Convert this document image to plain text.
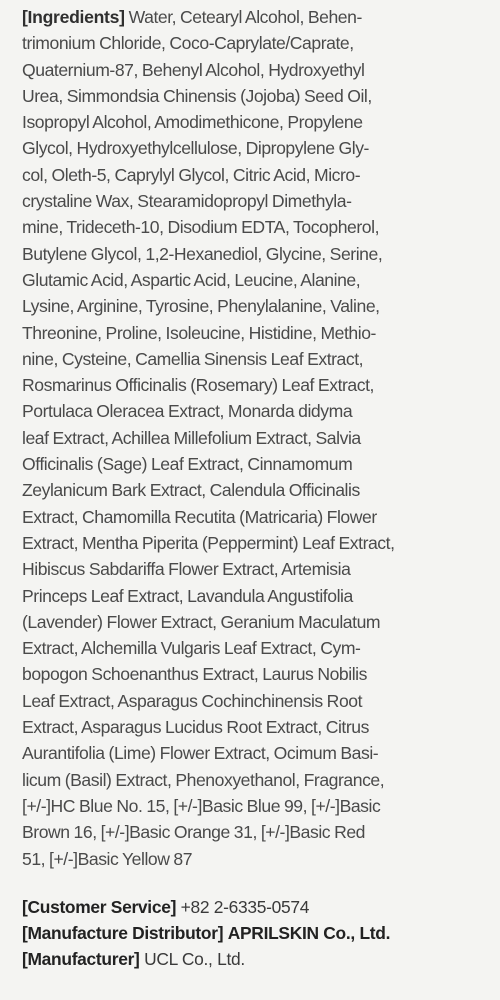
[Ingredients] Water, Cetearyl Alcohol, Behen-
trimonium Chloride, Coco-Caprylate/Caprate,
Quaternium-87, Behenyl Alcohol, Hydroxyethyl
Urea, Simmondsia Chinensis (Jojoba) Seed Oil,
Isopropyl Alcohol, Amodimethicone, Propylene
Glycol, Hydroxyethylcellulose, Dipropylene Gly-
col, Oleth-5, Caprylyl Glycol, Citric Acid, Micro-
crystaline Wax, Stearamidopropyl Dimethyla-
mine, Trideceth-10, Disodium EDTA, Tocopherol,
Butylene Glycol, 1,2-Hexanediol, Glycine, Serine,
Glutamic Acid, Aspartic Acid, Leucine, Alanine,
Lysine, Arginine, Tyrosine, Phenylalanine, Valine,
Threonine, Proline, Isoleucine, Histidine, Methio-
nine, Cysteine, Camellia Sinensis Leaf Extract,
Rosmarinus Officinalis (Rosemary) Leaf Extract,
Portulaca Oleracea Extract, Monarda didyma
leaf Extract, Achillea Millefolium Extract, Salvia
Officinalis (Sage) Leaf Extract, Cinnamomum
Zeylanicum Bark Extract, Calendula Officinalis
Extract, Chamomilla Recutita (Matricaria) Flower
Extract, Mentha Piperita (Peppermint) Leaf Extract,
Hibiscus Sabdariffa Flower Extract, Artemisia
Princeps Leaf Extract, Lavandula Angustifolia
(Lavender) Flower Extract, Geranium Maculatum
Extract, Alchemilla Vulgaris Leaf Extract, Cym-
bopogon Schoenanthus Extract, Laurus Nobilis
Leaf Extract, Asparagus Cochinchinensis Root
Extract, Asparagus Lucidus Root Extract, Citrus
Aurantifolia (Lime) Flower Extract, Ocimum Basi-
licum (Basil) Extract, Phenoxyethanol, Fragrance,
[+/-]HC Blue No. 15, [+/-]Basic Blue 99, [+/-]Basic
Brown 16, [+/-]Basic Orange 31, [+/-]Basic Red
51, [+/-]Basic Yellow 87
[Customer Service] +82 2-6335-0574
[Manufacture Distributor] APRILSKIN Co., Ltd.
[Manufacturer] UCL Co., Ltd.
